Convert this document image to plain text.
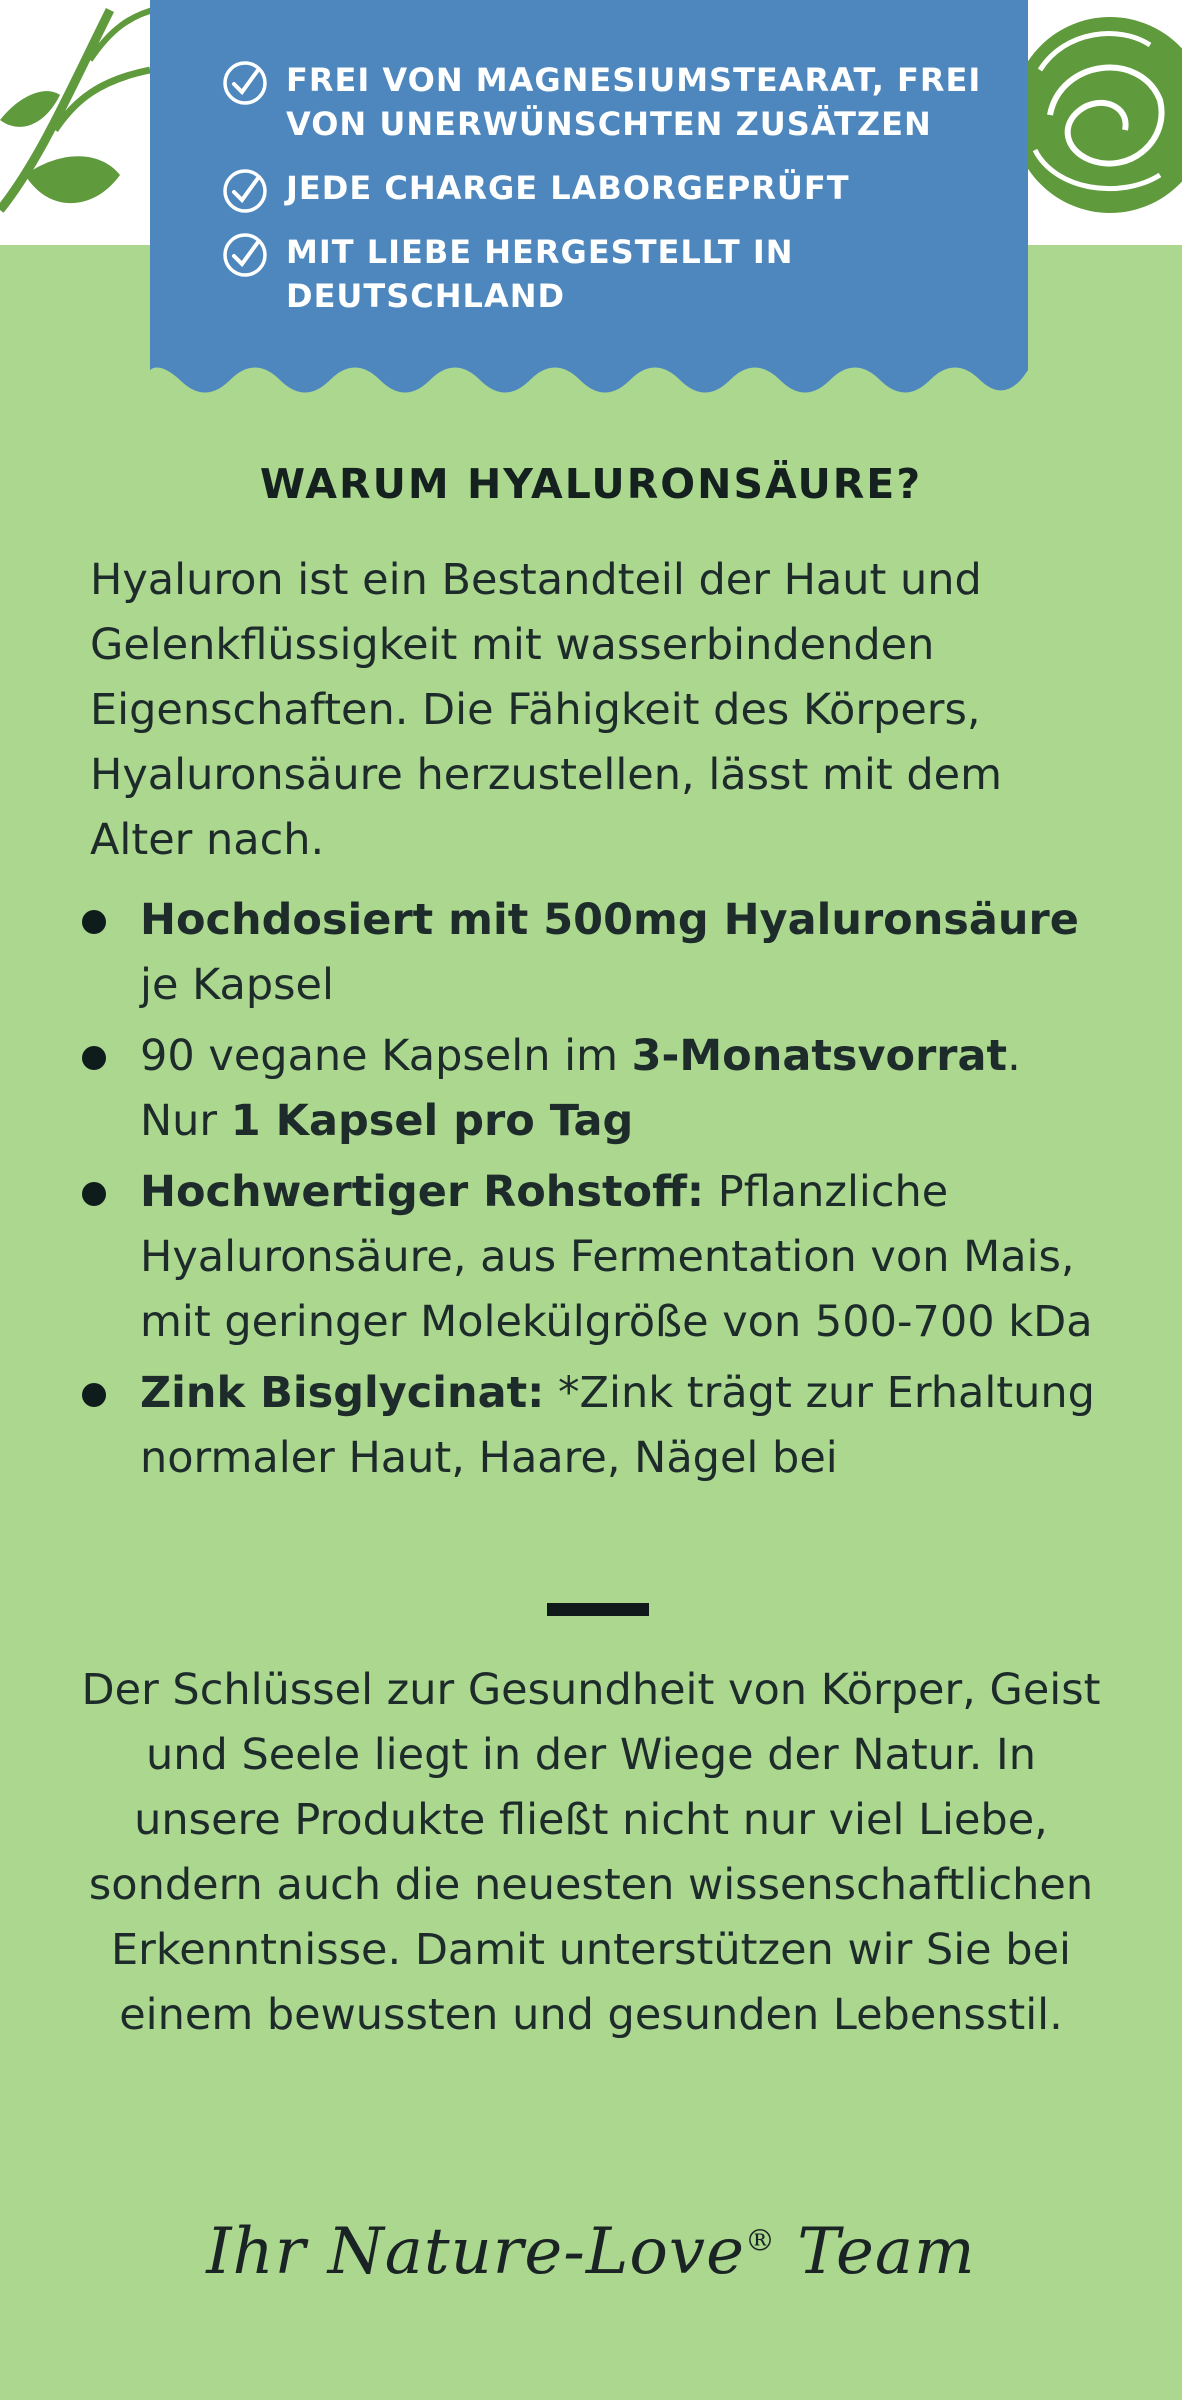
FREI VON MAGNESIUMSTEARAT, FREI VON UNERWÜNSCHTEN ZUSÄTZEN
JEDE CHARGE LABORGEPRÜFT
MIT LIEBE HERGESTELLT IN DEUTSCHLAND
WARUM HYALURONSÄURE?

Hyaluron ist ein Bestandteil der Haut und Gelenkflüssigkeit mit wasserbindenden Eigenschaften. Die Fähigkeit des Körpers, Hyaluronsäure herzustellen, lässt mit dem Alter nach.

Hochdosiert mit 500mg Hyaluronsäure je Kapsel
90 vegane Kapseln im 3-Monatsvorrat. Nur 1 Kapsel pro Tag
Hochwertiger Rohstoff: Pflanzliche Hyaluronsäure, aus Fermentation von Mais, mit geringer Molekülgröße von 500-700 kDa
Zink Bisglycinat: *Zink trägt zur Erhaltung normaler Haut, Haare, Nägel bei

Der Schlüssel zur Gesundheit von Körper, Geist und Seele liegt in der Wiege der Natur. In unsere Produkte fließt nicht nur viel Liebe, sondern auch die neuesten wissenschaftlichen Erkenntnisse. Damit unterstützen wir Sie bei einem bewussten und gesunden Lebensstil.

Ihr Nature-Love® Team
